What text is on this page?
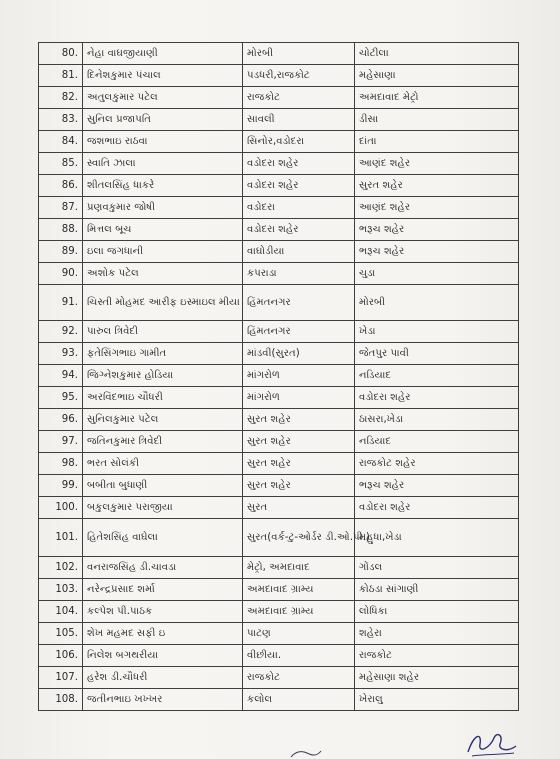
80.	નેહા વાઘજીયાણી	મોરબી	ચોટીલા
81.	દિનેશકુમાર પંચાલ	પડધરી,રાજકોટ	મહેસાણા
82.	અતુલકુમાર પટેલ	રાજકોટ	અમદાવાદ મેટ્રો
83.	સુનિલ પ્રજાપતિ	સાવલી	ડીસા
84.	જશભાઇ રાઠવા	સિનોર,વડોદરા	દાંતા
85.	સ્વાતિ ઝાલા	વડોદરા શહેર	આણંદ શહેર
86.	શીતલસિંહ ધાકરે	વડોદરા શહેર	સુરત શહેર
87.	પ્રણવકુમાર જોષી	વડોદરા	આણંદ શહેર
88.	મિત્તલ બૂચ	વડોદરા શહેર	ભરૂચ શહેર
89.	ઇલા જગધાની	વાઘોડીયા	ભરૂચ શહેર
90.	અશોક પટેલ	કપરાડા	ચુડા
91.	ચિસ્તી મોહમદ આરીફ ઇસ્માઇલ મીયા	હિંમતનગર	મોરબી
92.	પારુલ ત્રિવેદી	હિંમતનગર	ખેડા
93.	ફતેસિંગભાઇ ગામીત	માંડવી(સુરત)	જેતપુર પાવી
94.	જિગ્નેશકુમાર હોડિયા	માંગરોળ	નડિયાદ
95.	અરવિંદભાઇ ચૌધરી	માંગરોળ	વડોદરા શહેર
96.	સુનિલકુમાર પટેલ	સુરત શહેર	ઠાસરા,ખેડા
97.	જતિનકુમાર ત્રિવેદી	સુરત શહેર	નડિયાદ
98.	ભરત સોલંકી	સુરત શહેર	રાજકોટ શહેર
99.	બબીતા બુધાણી	સુરત શહેર	ભરૂચ શહેર
100.	બકુલકુમાર પરાજીયા	સુરત	વડોદરા શહેર
101.	હિતેશસિંહ વાઘેલા	સુરત(વર્ક-ટુ-ઓર્ડર ડી.ઓ.પી.)	મહુધા,ખેડા
102.	વનરાજસિંહ ડી.ચાવડા	મેટ્રો, અમદાવાદ	ગોંડલ
103.	નરેન્દ્રપ્રસાદ શર્મા	અમદાવાદ ગ્રામ્ય	કોઠડા સાંગાણી
104.	કલ્પેશ પી.પાઠક	અમદાવાદ ગ્રામ્ય	લોધિકા
105.	શેખ મહમદ સફી ઇ	પાટણ	શહેરા
106.	નિલેશ બગથરીયા	વીછીયા.	રાજકોટ
107.	હરેશ ડી.ચૌધરી	રાજકોટ	મહેસાણા શહેર
108.	જતીનભાઇ ખખ્ખર	કલોલ	ખેરાલુ
